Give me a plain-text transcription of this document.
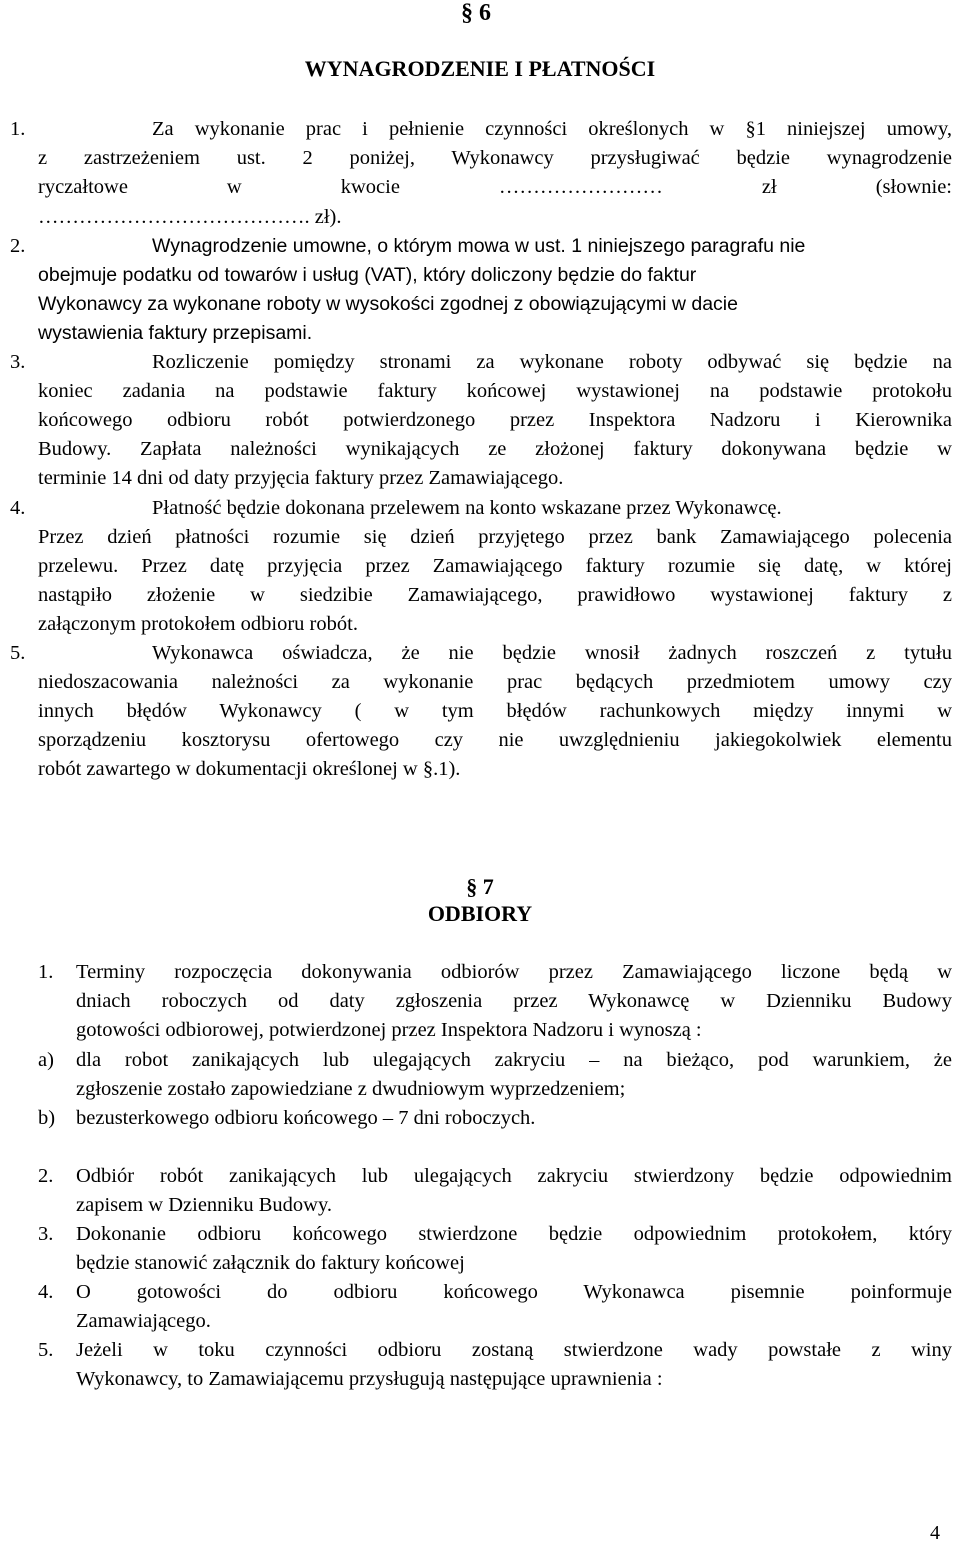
§ 6
WYNAGRODZENIE I PŁATNOŚCI
1.	Za wykonanie prac i pełnienie czynności określonych w §1 niniejszej umowy,
z zastrzeżeniem ust. 2 poniżej, Wykonawcy przysługiwać będzie wynagrodzenie
ryczałtowe w kwocie …………………… zł (słownie:
…………………………………. zł).
2.	Wynagrodzenie umowne, o którym mowa w ust. 1 niniejszego paragrafu nie
obejmuje podatku od towarów i usług (VAT), który doliczony będzie do faktur
Wykonawcy za wykonane roboty w wysokości zgodnej z obowiązującymi w dacie
wystawienia faktury przepisami.
3.	Rozliczenie pomiędzy stronami za wykonane roboty odbywać się będzie na
koniec zadania na podstawie faktury końcowej wystawionej na podstawie protokołu
końcowego odbioru robót potwierdzonego przez Inspektora Nadzoru i Kierownika
Budowy. Zapłata należności wynikających ze złożonej faktury dokonywana będzie w
terminie 14 dni od daty przyjęcia faktury przez Zamawiającego.
4.	Płatność będzie dokonana przelewem na konto wskazane przez Wykonawcę.
Przez dzień płatności rozumie się dzień przyjętego przez bank Zamawiającego polecenia
przelewu. Przez datę przyjęcia przez Zamawiającego faktury rozumie się datę, w której
nastąpiło złożenie w siedzibie Zamawiającego, prawidłowo wystawionej faktury z
załączonym protokołem odbioru robót.
5.	Wykonawca oświadcza, że nie będzie wnosił żadnych roszczeń z tytułu
niedoszacowania należności za wykonanie prac będących przedmiotem umowy czy
innych błędów Wykonawcy ( w tym błędów rachunkowych między innymi w
sporządzeniu kosztorysu ofertowego czy nie uwzględnieniu jakiegokolwiek elementu
robót zawartego w dokumentacji określonej w §.1).
§ 7
ODBIORY
1. Terminy rozpoczęcia dokonywania odbiorów przez Zamawiającego liczone będą w
dniach roboczych od daty zgłoszenia przez Wykonawcę w Dzienniku Budowy
gotowości odbiorowej, potwierdzonej przez Inspektora Nadzoru i wynoszą :
a) dla robot zanikających lub ulegających zakryciu – na bieżąco, pod warunkiem, że
zgłoszenie zostało zapowiedziane z dwudniowym wyprzedzeniem;
b) bezusterkowego odbioru końcowego – 7 dni roboczych.
2. Odbiór robót zanikających lub ulegających zakryciu stwierdzony będzie odpowiednim
zapisem w Dzienniku Budowy.
3. Dokonanie odbioru końcowego stwierdzone będzie odpowiednim protokołem, który
będzie stanowić załącznik do faktury końcowej
4. O gotowości do odbioru końcowego Wykonawca pisemnie poinformuje
Zamawiającego.
5. Jeżeli w toku czynności odbioru zostaną stwierdzone wady powstałe z winy
Wykonawcy, to Zamawiającemu przysługują następujące uprawnienia :
4
